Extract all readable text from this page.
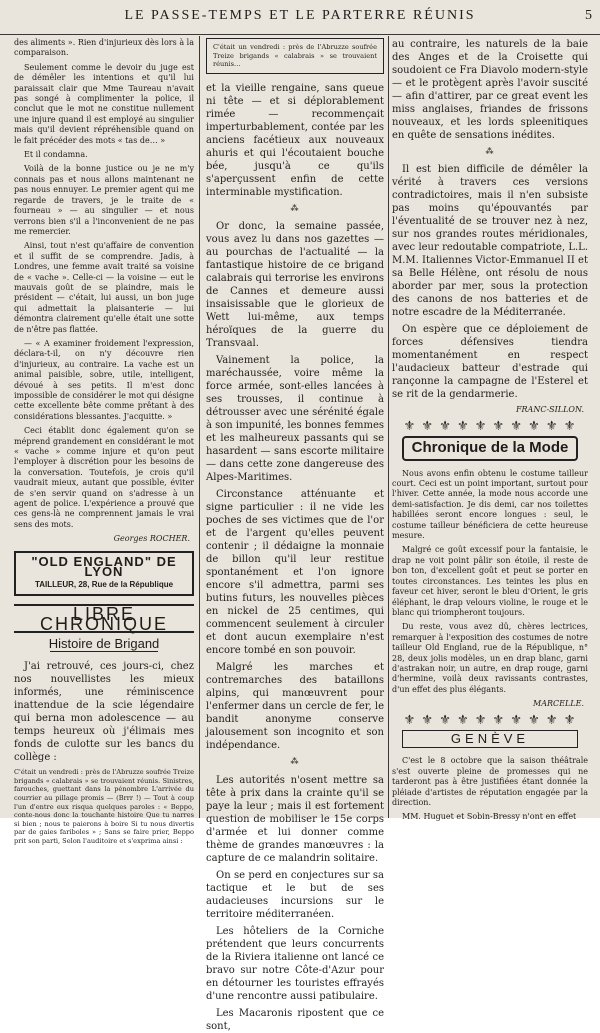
LE PASSE-TEMPS ET LE PARTERRE RÉUNIS	5

des aliments ». Rien d'injurieux dès lors à la comparaison.

Seulement comme le devoir du juge est de démêler les intentions et qu'il lui paraissait clair que Mme Taureau n'avait pas songé à complimenter la police, il conclut que le mot ne constitue nullement une injure quand il est employé au singulier mais qu'il devient répréhensible quand on le fait précéder des mots « tas de… »

Et il condamna.

Voilà de la bonne justice ou je ne m'y connais pas et nous allons maintenant ne pas nous ennuyer. Le premier agent qui me regarde de travers, je le traite de « fourneau » — au singulier — et nous verrons bien s'il a l'inconvenient de ne pas me remercier.

Ainsi, tout n'est qu'affaire de convention et il suffit de se comprendre. Jadis, à Londres, une femme avait traité sa voisine de « vache ». Celle-ci — la voisine — eut le mauvais goût de se plaindre, mais le président — c'était, lui aussi, un bon juge qui admettait la plaisanterie — lui démontra clairement qu'elle était une sotte de n'être pas flattée.

— « A examiner froidement l'expression, déclara-t-il, on n'y découvre rien d'injurieux, au contraire. La vache est un animal paisible, sobre, utile, intelligent, dévoué à ses petits. Il m'est donc impossible de considérer le mot qui désigne cette excellente bête comme prêtant à des considérations blessantes. J'acquitte. »

Ceci établit donc également qu'on se méprend grandement en considérant le mot « vache » comme injure et qu'on peut l'employer à discrétion pour les besoins de la conversation. Toutefois, je crois qu'il vaudrait mieux, autant que possible, éviter de s'en servir quand on s'adresse à un agent de police. L'expérience a prouvé que ces gens-là ne comprennent jamais le vrai sens des mots.

Georges ROCHER.
"OLD ENGLAND" DE LYON
TAILLEUR, 28, Rue de la République
LIBRE CHRONIQUE
Histoire de Brigand

J'ai retrouvé, ces jours-ci, chez nos nouvellistes les mieux informés, une réminiscence inattendue de la scie légendaire qui berna mon adolescence — au temps heureux où j'élimais mes fonds de culotte sur les bancs du collège :

C'était un vendredi : près de l'Abruzze soufrée Treize brigands « calabrais » se trouvaient réunis. Sinistres, farouches, guettant dans la pénombre L'arrivée du courrier au pillage promis — (Brrr !) — Tout à coup l'un d'entre eux risqua quelques paroles : « Beppo, conte-nous donc la touchante histoire Que tu narres si bien ; nous te paierons à boire Si tu nous divertis par de gaies fariboles » ; Sans se faire prier, Beppo prit son parti, Selon l'auditoire et s'exprima ainsi :

C'était un vendredi : près de l'Abruzze soufrée Treize brigands « calabrais » se trouvaient réunis…

et la vieille rengaine, sans queue ni tête — et si déplorablement rimée — recommençait imperturbablement, contée par les anciens facétieux aux nouveaux ahuris et qui l'écoutaient bouche bée, jusqu'à ce qu'ils s'aperçussent enfin de cette interminable mystification.

⁂

Or donc, la semaine passée, vous avez lu dans nos gazettes — au pourchas de l'actualité — la fantastique histoire de ce brigand calabrais qui terrorise les environs de Cannes et demeure aussi insaisissable que le glorieux de Wett lui-même, aux temps héroïques de la guerre du Transvaal.

Vainement la police, la maréchaussée, voire même la force armée, sont-elles lancées à ses trousses, il continue à détrousser avec une sérénité égale à son impunité, les bonnes femmes et les malheureux passants qui se hasardent — sans escorte militaire — dans cette zone dangereuse des Alpes-Maritimes.

Circonstance atténuante et signe particulier : il ne vide les poches de ses victimes que de l'or et de l'argent qu'elles peuvent contenir ; il dédaigne la monnaie de billon qu'il leur restitue spontanément et l'on ignore encore s'il admettra, parmi ses butins futurs, les nouvelles pièces en nickel de 25 centimes, qui commencent seulement à circuler et dont aucun exemplaire n'est encore tombé en son pouvoir.

Malgré les marches et contremarches des bataillons alpins, qui manœuvrent pour l'enfermer dans un cercle de fer, le bandit anonyme conserve jalousement son incognito et son indépendance.

⁂

Les autorités n'osent mettre sa tête à prix dans la crainte qu'il se paye la leur ; mais il est fortement question de mobiliser le 15e corps d'armée et lui donner comme thème de grandes manœuvres : la capture de ce malandrin solitaire.

On se perd en conjectures sur sa tactique et le but de ses audacieuses incursions sur le territoire méditerranéen.

Les hôteliers de la Corniche prétendent que leurs concurrents de la Riviera italienne ont lancé ce bravo sur notre Côte-d'Azur pour en détourner les touristes effrayés d'une rencontre aussi patibulaire.

Les Macaronis ripostent que ce sont,

au contraire, les naturels de la baie des Anges et de la Croisette qui soudoient ce Fra Diavolo modern-style — et le protègent après l'avoir suscité — afin d'attirer, par ce great event les miss anglaises, friandes de frissons nouveaux, et les lords spleenitiques en quête de sensations inédites.

⁂

Il est bien difficile de démêler la vérité à travers ces versions contradictoires, mais il n'en subsiste pas moins qu'épouvantés par l'éventualité de se trouver nez à nez, sur nos grandes routes méridionales, avec leur redoutable compatriote, L.L. M.M. Italiennes Victor-Emmanuel II et sa Belle Hélène, ont résolu de nous aborder par mer, sous la protection des canons de nos batteries et de notre escadre de la Méditerranée.

On espère que ce déploiement de forces défensives tiendra momentanément en respect l'audacieux batteur d'estrade qui rançonne la campagne de l'Esterel et se rit de la gendarmerie.

FRANC-SILLON.
⚜ ⚜ ⚜ ⚜ ⚜ ⚜ ⚜ ⚜ ⚜ ⚜
Chronique de la Mode

Nous avons enfin obtenu le costume tailleur court. Ceci est un point important, surtout pour l'hiver. Cette année, la mode nous accorde une demi-satisfaction. Je dis demi, car nos toilettes habillées seront encore longues : seul, le costume tailleur bénéficiera de cette heureuse mesure.

Malgré ce goût excessif pour la fantaisie, le drap ne voit point pâlir son étoile, il reste de bon ton, d'excellent goût et peut se porter en toutes circonstances. Les teintes les plus en faveur cet hiver, seront le bleu d'Orient, le gris éléphant, le drap velours violine, le rouge et le blanc qui triompheront toujours.

Du reste, vous avez dû, chères lectrices, remarquer à l'exposition des costumes de notre tailleur Old England, rue de la République, n° 28, deux jolis modèles, un en drap blanc, garni d'astrakan noir, un autre, en drap rouge, garni d'hermine, voilà deux ravissants contrastes, d'un effet des plus élégants.

MARCELLE.
⚜ ⚜ ⚜ ⚜ ⚜ ⚜ ⚜ ⚜ ⚜ ⚜
GENÈVE

C'est le 8 octobre que la saison théâtrale s'est ouverte pleine de promesses qui ne tarderont pas à être justifiées étant donnée la pléiade d'artistes de réputation engagée par la direction.

MM. Huguet et Sobin-Bressy n'ont en effet
